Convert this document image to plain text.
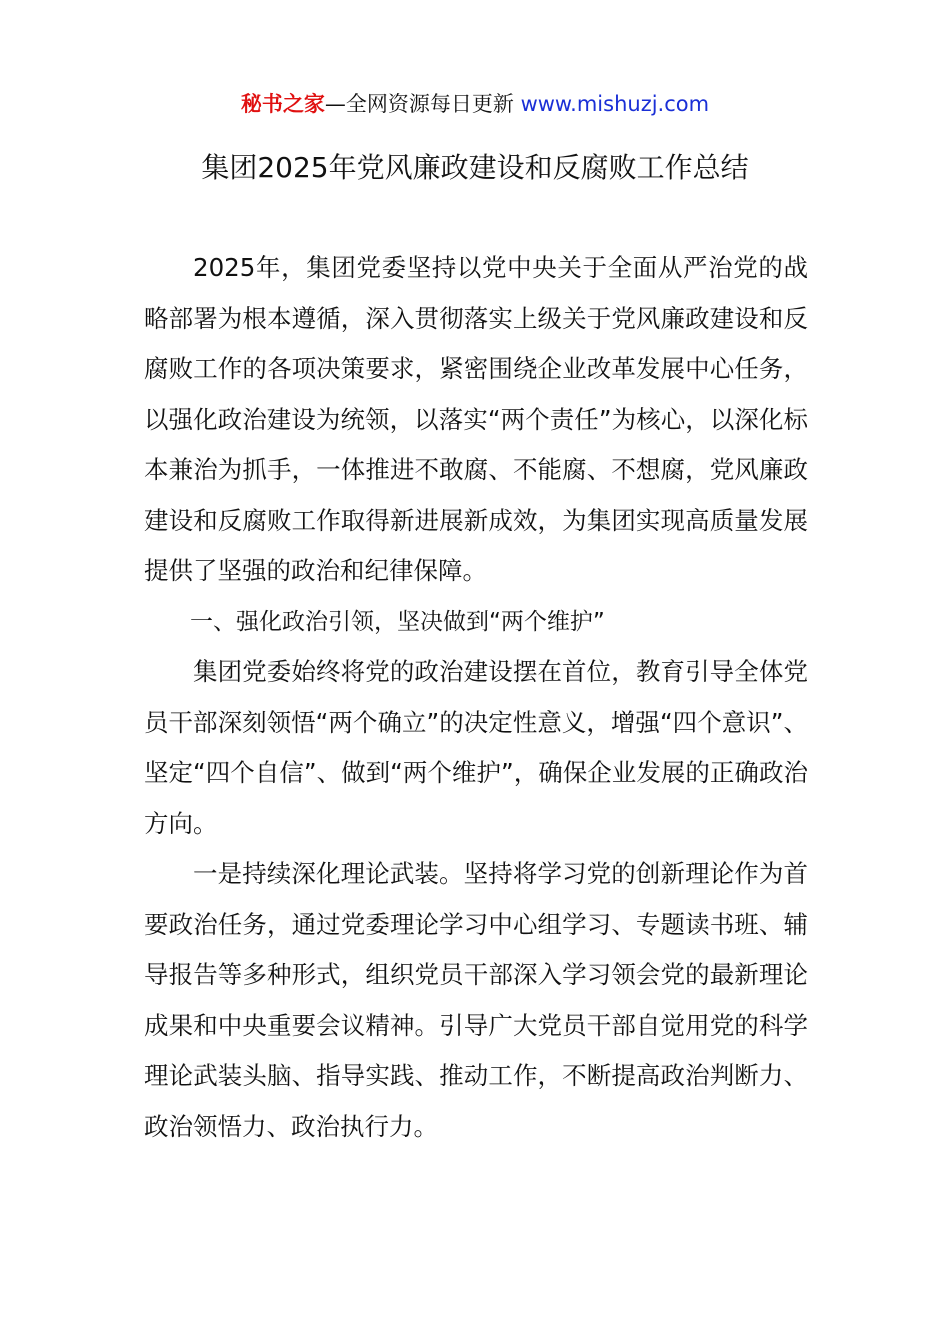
秘书之家—全网资源每日更新 www.mishuzj.com
集团2025年党风廉政建设和反腐败工作总结

2025年，集团党委坚持以党中央关于全面从严治党的战略部署为根本遵循，深入贯彻落实上级关于党风廉政建设和反腐败工作的各项决策要求，紧密围绕企业改革发展中心任务，以强化政治建设为统领，以落实“两个责任”为核心，以深化标本兼治为抓手，一体推进不敢腐、不能腐、不想腐，党风廉政建设和反腐败工作取得新进展新成效，为集团实现高质量发展提供了坚强的政治和纪律保障。

一、强化政治引领，坚决做到“两个维护”

集团党委始终将党的政治建设摆在首位，教育引导全体党员干部深刻领悟“两个确立”的决定性意义，增强“四个意识”、坚定“四个自信”、做到“两个维护”，确保企业发展的正确政治方向。

一是持续深化理论武装。坚持将学习党的创新理论作为首要政治任务，通过党委理论学习中心组学习、专题读书班、辅导报告等多种形式，组织党员干部深入学习领会党的最新理论成果和中央重要会议精神。引导广大党员干部自觉用党的科学理论武装头脑、指导实践、推动工作，不断提高政治判断力、政治领悟力、政治执行力。
